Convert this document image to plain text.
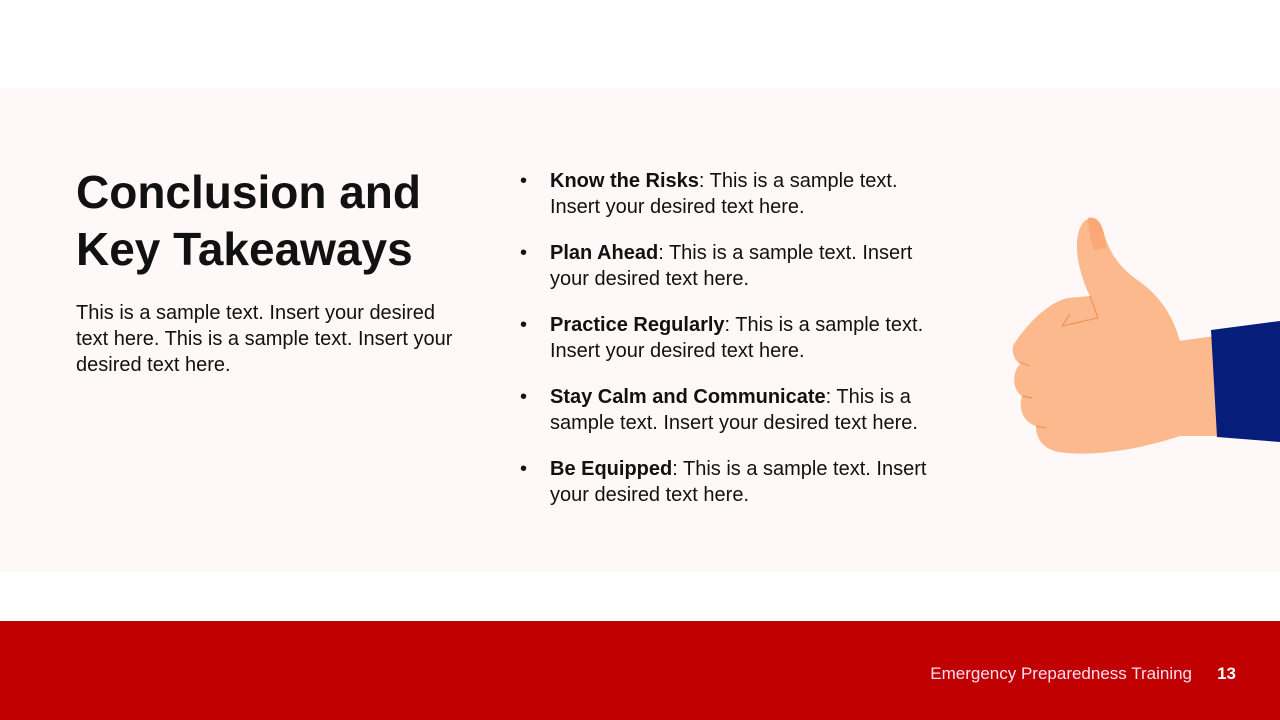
Conclusion and
Key Takeaways
This is a sample text. Insert your desired text here. This is a sample text. Insert your desired text here.
• Know the Risks: This is a sample text. Insert your desired text here.
• Plan Ahead: This is a sample text. Insert your desired text here.
• Practice Regularly: This is a sample text. Insert your desired text here.
• Stay Calm and Communicate: This is a sample text. Insert your desired text here.
• Be Equipped: This is a sample text. Insert your desired text here.
Emergency Preparedness Training 13
